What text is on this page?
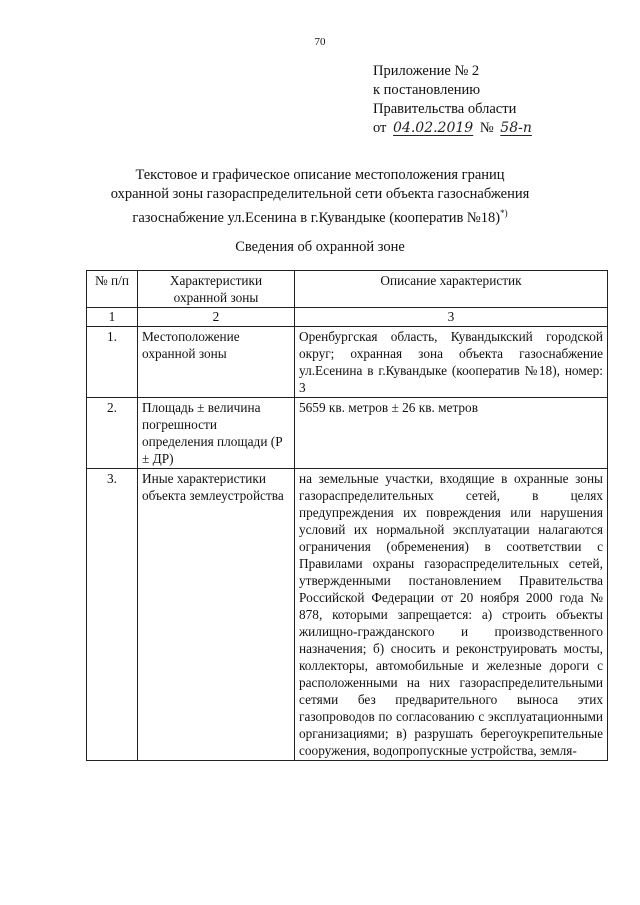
70
Приложение № 2
к постановлению
Правительства области
от 04.02.2019 № 58-п
Текстовое и графическое описание местоположения границ
охранной зоны газораспределительной сети объекта газоснабжения
газоснабжение ул.Есенина в г.Кувандыке (кооператив №18)*)
Сведения об охранной зоне
№ п/п	Характеристики охранной зоны	Описание характеристик
1	2	3
1.	Местоположение охранной зоны	Оренбургская область, Кувандыкский городской округ; охранная зона объекта газоснабжение ул.Есенина в г.Кувандыке (кооператив №18), номер: 3
2.	Площадь ± величина погрешности определения площади (Р ± ДР)	5659 кв. метров ± 26 кв. метров
3.	Иные характеристики объекта землеустройства	на земельные участки, входящие в охранные зоны газораспределительных сетей, в целях предупреждения их повреждения или нарушения условий их нормальной эксплуатации налагаются ограничения (обременения) в соответствии с Правилами охраны газораспределительных сетей, утвержденными постановлением Правительства Российской Федерации от 20 ноября 2000 года № 878, которыми запрещается: а) строить объекты жилищно-гражданского и производственного назначения; б) сносить и реконструировать мосты, коллекторы, автомобильные и железные дороги с расположенными на них газораспределительными сетями без предварительного выноса этих газопроводов по согласованию с эксплуатационными организациями; в) разрушать берегоукрепительные сооружения, водопропускные устройства, земля-
